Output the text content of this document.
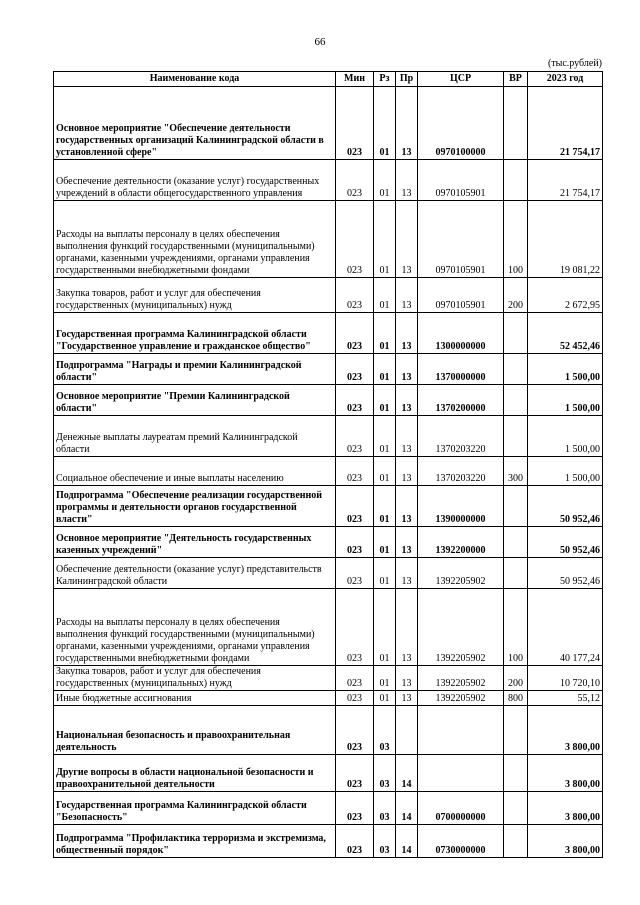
66
(тыс.рублей)
Наименование кода	Мин	Рз	Пр	ЦСР	ВР	2023 год
Основное мероприятие "Обеспечение деятельности государственных организаций Калининградской области в установленной сфере"	023	01	13	0970100000		21 754,17
Обеспечение деятельности (оказание услуг) государственных учреждений в области общегосударственного управления	023	01	13	0970105901		21 754,17
Расходы на выплаты персоналу в целях обеспечения выполнения функций государственными (муниципальными) органами, казенными учреждениями, органами управления государственными внебюджетными фондами	023	01	13	0970105901	100	19 081,22
Закупка товаров, работ и услуг для обеспечения государственных (муниципальных) нужд	023	01	13	0970105901	200	2 672,95
Государственная программа Калининградской области "Государственное управление и гражданское общество"	023	01	13	1300000000		52 452,46
Подпрограмма "Награды и премии Калининградской области"	023	01	13	1370000000		1 500,00
Основное мероприятие "Премии Калининградской области"	023	01	13	1370200000		1 500,00
Денежные выплаты лауреатам премий Калининградской области	023	01	13	1370203220		1 500,00
Социальное обеспечение и иные выплаты населению	023	01	13	1370203220	300	1 500,00
Подпрограмма "Обеспечение реализации государственной программы и деятельности органов государственной власти"	023	01	13	1390000000		50 952,46
Основное мероприятие "Деятельность государственных казенных учреждений"	023	01	13	1392200000		50 952,46
Обеспечение деятельности (оказание услуг) представительств Калининградской области	023	01	13	1392205902		50 952,46
Расходы на выплаты персоналу в целях обеспечения выполнения функций государственными (муниципальными) органами, казенными учреждениями, органами управления государственными внебюджетными фондами	023	01	13	1392205902	100	40 177,24
Закупка товаров, работ и услуг для обеспечения государственных (муниципальных) нужд	023	01	13	1392205902	200	10 720,10
Иные бюджетные ассигнования	023	01	13	1392205902	800	55,12
Национальная безопасность и правоохранительная деятельность	023	03				3 800,00
Другие вопросы в области национальной безопасности и правоохранительной деятельности	023	03	14			3 800,00
Государственная программа Калининградской области "Безопасность"	023	03	14	0700000000		3 800,00
Подпрограмма "Профилактика терроризма и экстремизма, общественный порядок"	023	03	14	0730000000		3 800,00
